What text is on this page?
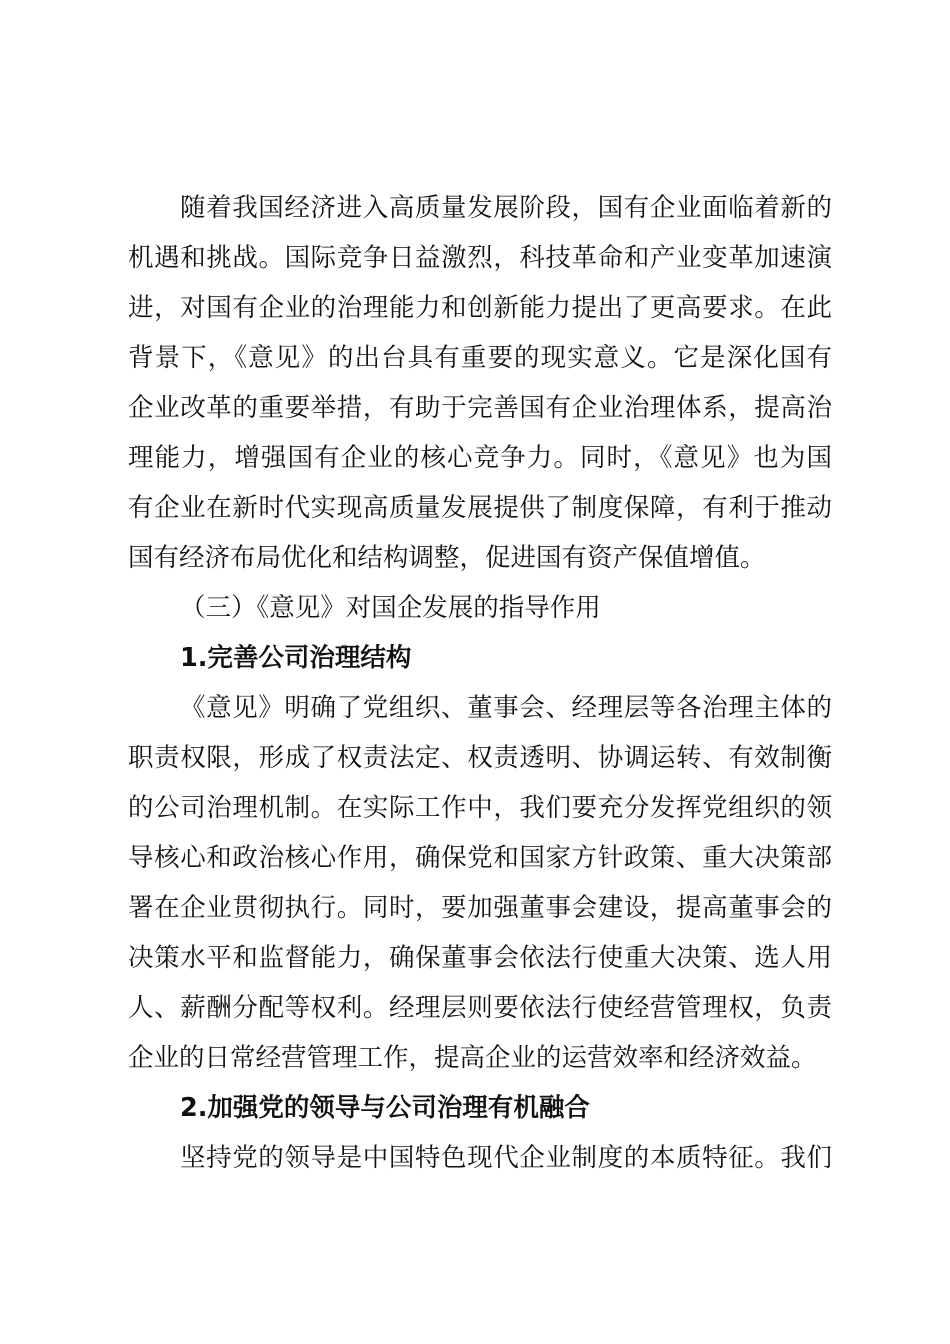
随着我国经济进入高质量发展阶段，国有企业面临着新的
机遇和挑战。国际竞争日益激烈，科技革命和产业变革加速演
进，对国有企业的治理能力和创新能力提出了更高要求。在此
背景下，《意见》的出台具有重要的现实意义。它是深化国有
企业改革的重要举措，有助于完善国有企业治理体系，提高治
理能力，增强国有企业的核心竞争力。同时，《意见》也为国
有企业在新时代实现高质量发展提供了制度保障，有利于推动
国有经济布局优化和结构调整，促进国有资产保值增值。
（三）《意见》对国企发展的指导作用
1.完善公司治理结构
《意见》明确了党组织、董事会、经理层等各治理主体的
职责权限，形成了权责法定、权责透明、协调运转、有效制衡
的公司治理机制。在实际工作中，我们要充分发挥党组织的领
导核心和政治核心作用，确保党和国家方针政策、重大决策部
署在企业贯彻执行。同时，要加强董事会建设，提高董事会的
决策水平和监督能力，确保董事会依法行使重大决策、选人用
人、薪酬分配等权利。经理层则要依法行使经营管理权，负责
企业的日常经营管理工作，提高企业的运营效率和经济效益。
2.加强党的领导与公司治理有机融合
坚持党的领导是中国特色现代企业制度的本质特征。我们
